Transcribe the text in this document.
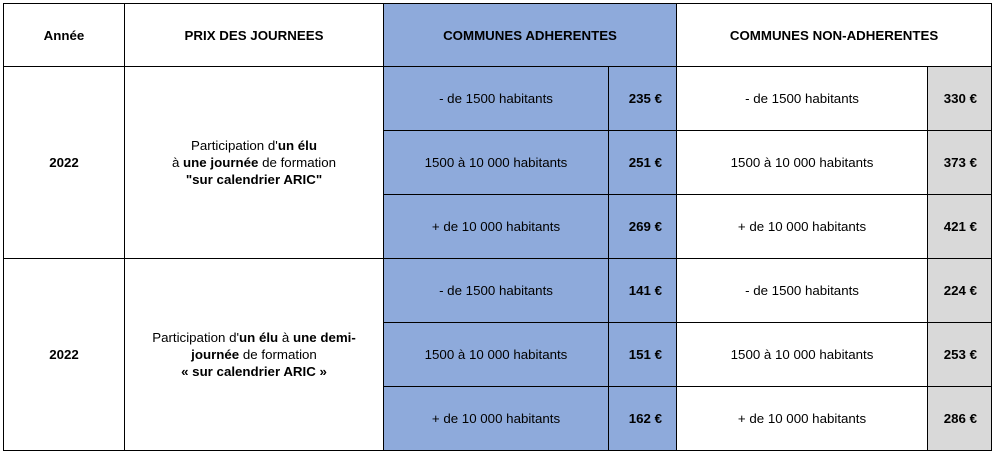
Année	PRIX DES JOURNEES	COMMUNES ADHERENTES		COMMUNES NON-ADHERENTES	
2022	Participation d'un élu
à une journée de formation
"sur calendrier ARIC"	- de 1500 habitants	235 €	- de 1500 habitants	330 €
		1500 à 10 000 habitants	251 €	1500 à 10 000 habitants	373 €
		+ de 10 000 habitants	269 €	+ de 10 000 habitants	421 €
2022	Participation d'un élu à une demi-
journée de formation
« sur calendrier ARIC »	- de 1500 habitants	141 €	- de 1500 habitants	224 €
		1500 à 10 000 habitants	151 €	1500 à 10 000 habitants	253 €
		+ de 10 000 habitants	162 €	+ de 10 000 habitants	286 €
